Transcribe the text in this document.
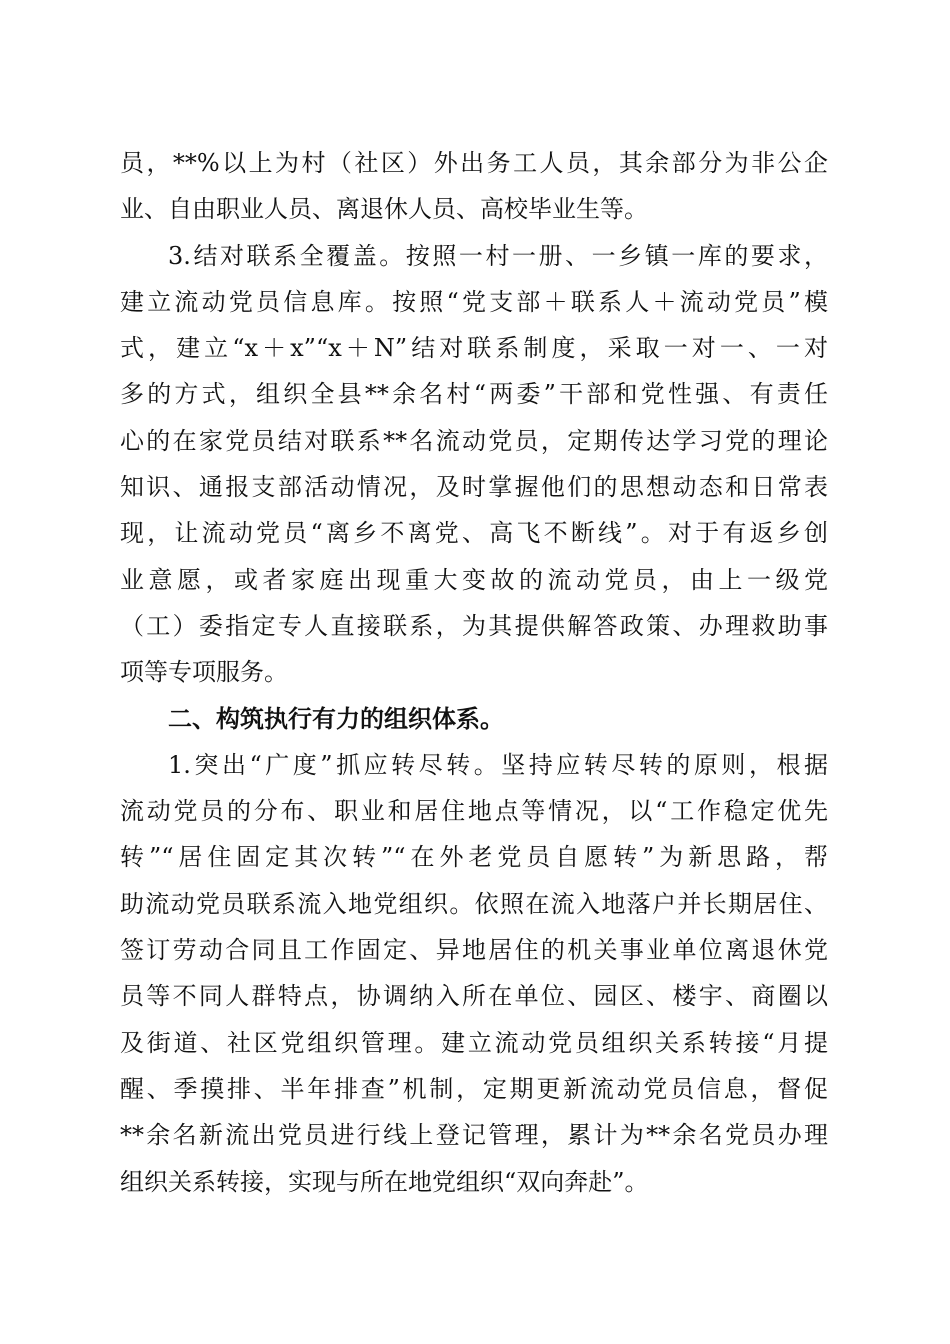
员，**%以上为村（社区）外出务工人员，其余部分为非公企
业、自由职业人员、离退休人员、高校毕业生等。
3.结对联系全覆盖。按照一村一册、一乡镇一库的要求，
建立流动党员信息库。按照“党支部＋联系人＋流动党员”模
式，建立“x＋x”“x＋N”结对联系制度，采取一对一、一对
多的方式，组织全县**余名村“两委”干部和党性强、有责任
心的在家党员结对联系**名流动党员，定期传达学习党的理论
知识、通报支部活动情况，及时掌握他们的思想动态和日常表
现，让流动党员“离乡不离党、高飞不断线”。对于有返乡创
业意愿，或者家庭出现重大变故的流动党员，由上一级党
（工）委指定专人直接联系，为其提供解答政策、办理救助事
项等专项服务。
二、构筑执行有力的组织体系。
1.突出“广度”抓应转尽转。坚持应转尽转的原则，根据
流动党员的分布、职业和居住地点等情况，以“工作稳定优先
转”“居住固定其次转”“在外老党员自愿转”为新思路，帮
助流动党员联系流入地党组织。依照在流入地落户并长期居住、
签订劳动合同且工作固定、异地居住的机关事业单位离退休党
员等不同人群特点，协调纳入所在单位、园区、楼宇、商圈以
及街道、社区党组织管理。建立流动党员组织关系转接“月提
醒、季摸排、半年排查”机制，定期更新流动党员信息，督促
**余名新流出党员进行线上登记管理，累计为**余名党员办理
组织关系转接，实现与所在地党组织“双向奔赴”。
